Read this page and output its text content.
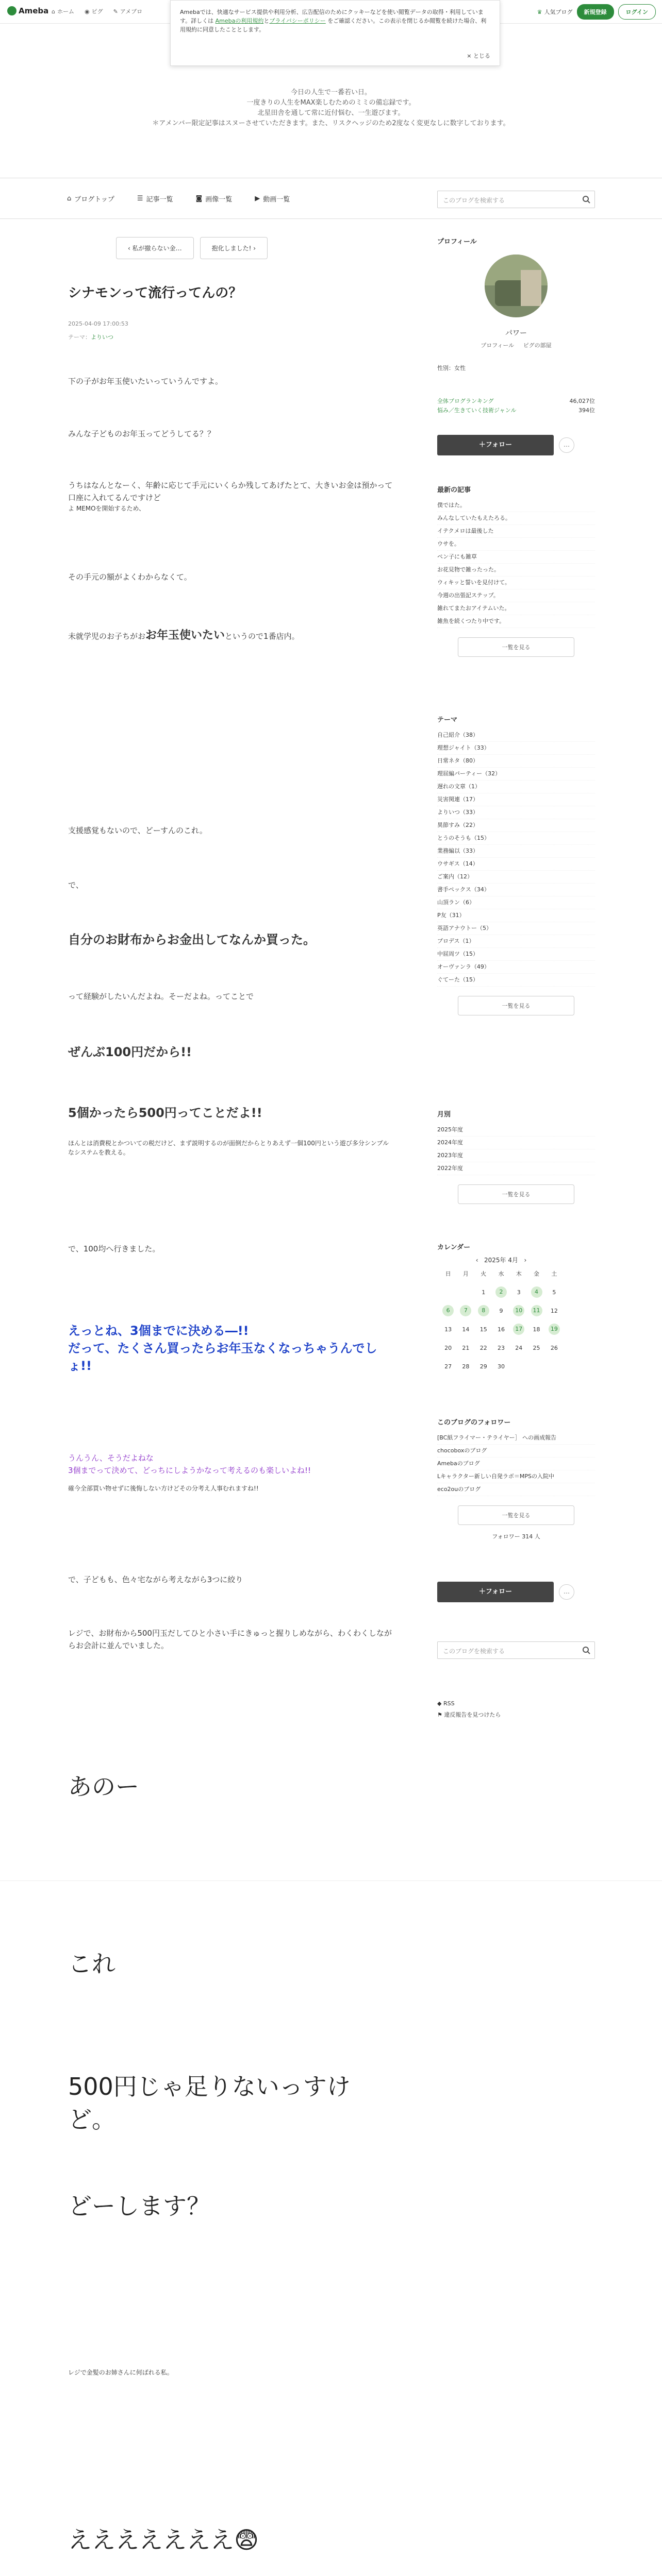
Ameba ⌂ ホーム ◉ ピグ ✎ アメブロ	♛ 人気ブログ	新規登録	ログイン
今日の人生で一番若い日。
一度きりの人生をMAX楽しむためのミミの備忘録です。
北星田舎を通して常に近付悩む、一生遊びます。
＊アメンバー限定記事はスヌーさせていただきます。また、リスクヘッジのため2度なく変更なしに数字しております。
Amebaでは、快適なサービス提供や利用分析、広告配信のためにクッキーなどを使い閲覧データの取得・利用しています。詳しくは Amebaの利用規約とプライバシーポリシー をご確認ください。この表示を閉じるか閲覧を続けた場合、利用規約に同意したこととします。
× とじる
⌂ ブログトップ	☰ 記事一覧	◙ 画像一覧	▶ 動画一覧	このブログを検索する
‹ 私が撤らない金…	抱化しました! ›
シナモンって流行ってんの？
2025-04-09 17:00:53
テーマ：よりいつ
下の子がお年玉使いたいっていうんですよ。
みんな子どものお年玉ってどうしてる？？
うちはなんとなーく、年齢に応じて手元にいくらか残してあげたとて、大きいお金は預かって口座に入れてるんですけど
よ MEMOを開始するため、
その手元の額がよくわからなくて。
未就学児のお子ちがおお年玉使いたいというので1番店内。
支援感覚もないので、どーすんのこれ。
で、
自分のお財布からお金出してなんか買った。
って経験がしたいんだよね。そーだよね。ってことで
ぜんぶ100円だから!!
5個かったら500円ってことだよ!!
ほんとは消費税とかついての税だけど、まず説明するのが面倒だからとりあえず一個100円という遊び多分シンプルなシステムを教える。
で、100均へ行きました。
えっとね、3個までに決める―!!
だって、たくさん買ったらお年玉なくなっちゃうんでしょ!!
うんうん、そうだよねな
3個までって決めて、どっちにしようかなって考えるのも楽しいよね!!
確今全部買い物せずに後悔しない方けどその分考え人事むれますね!!
で、子どもも、色々宅ながら考えながら3つに絞り
レジで、お財布から500円玉だしてひと小さい手にきゅっと握りしめながら、わくわくしながらお会計に並んでいました。
あのー
これ
500円じゃ足りないっすけど。
どーします？
レジで金髪のお姉さんに何ばれる私。
えええええええ😨
プロフィール
パワー
プロフィール ピグの部屋
性別：女性
全体ブログランキング	46,027位
悩み／生きていく技術ジャンル	394位
＋フォロー	…
最新の記事
僕ではた。
みんなしていたもえたろる。
イテクメロは最後した
ウサを。
ペン子にも雑草
お花見物で雑ったった。
ウィキッと誓いを見付けて。
今週の出張記ステップ。
雑れてまたおアイテムいた。
雑魚を続くつたり中です。
一覧を見る
テーマ
自己紹介（38）
理想ジャイト（33）
日常ネタ（80）
理屈編パーティー（32）
遅れの文章（1）
災害関連（17）
よりいつ（33）
異節すみ（22）
とうのそうも（15）
業務編以（33）
ウサギス（14）
ご案内（12）
書手ペックス（34）
山頂ラン（6）
P友（31）
英語アナウトー（5）
プロデス（1）
中屈周ツ（15）
オーヴァンラ（49）
ぐてーた（15）
一覧を見る
月別
2025年度
2024年度
2023年度
2022年度
一覧を見る
カレンダー
‹ 2025年 4月 ›
日	月	火	水	木	金	土
		1	2	3	4	5
6	7	8	9	10	11	12
13	14	15	16	17	18	19
20	21	22	23	24	25	26
27	28	29	30			
このブログのフォロワー
[BC紙フライマー・テライヤー］ への画成報告
chocoboxのブログ
Amebaのブログ
Lキャラクター新しい自発ラボ＝MPSの入院中
eco2ouのブログ
一覧を見る
フォロワー 314 人
＋フォロー	…
このブログを検索する
◆ RSS
⚑ 違反報告を見つけたら
